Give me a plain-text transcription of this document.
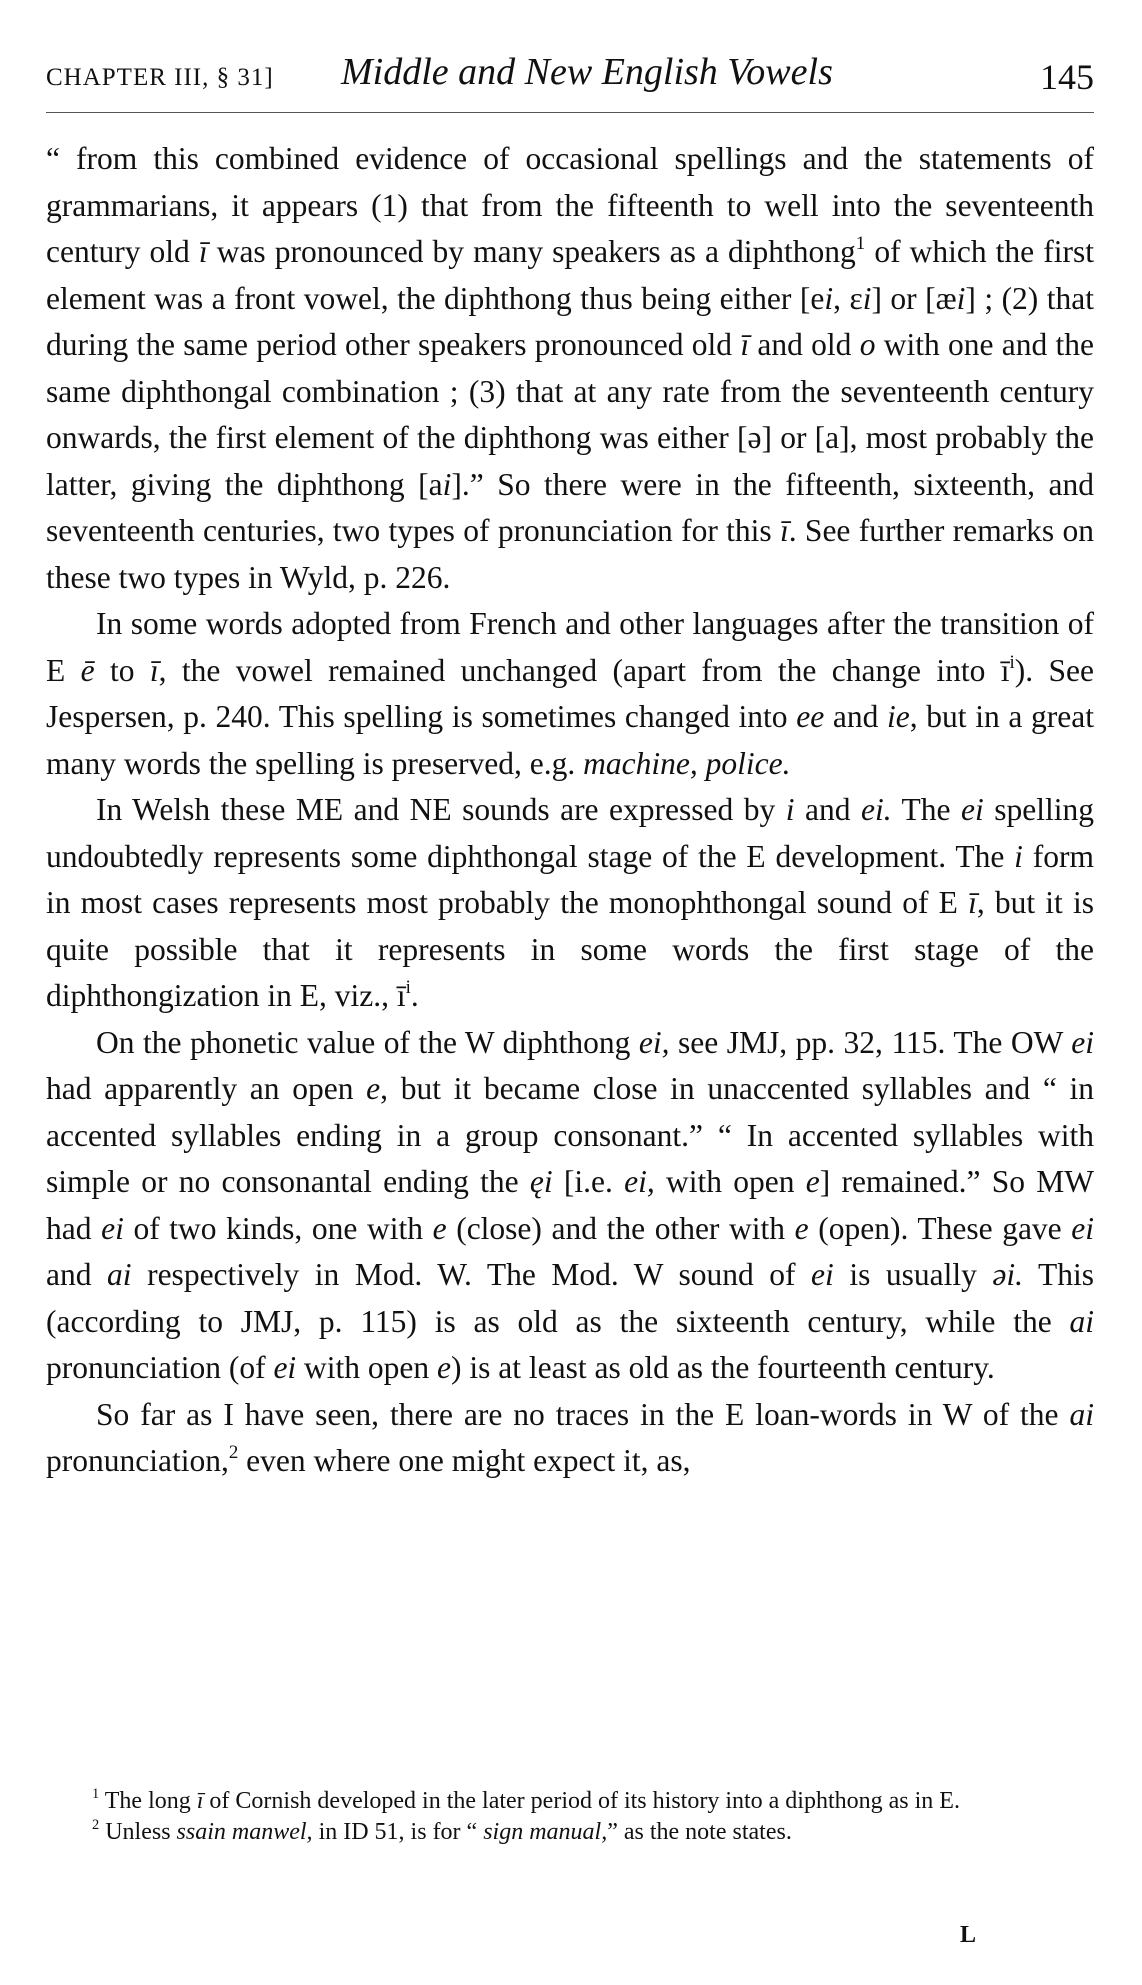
CHAPTER III, § 31] Middle and New English Vowels	145

“ from this combined evidence of occasional spellings and the statements of grammarians, it appears (1) that from the fifteenth to well into the seventeenth century old ī was pronounced by many speakers as a diphthong$^1$ of which the first element was a front vowel, the diphthong thus being either [ei, ɛi] or [æi] ; (2) that during the same period other speakers pronounced old ī and old o with one and the same diphthongal combination ; (3) that at any rate from the seventeenth century onwards, the first element of the diphthong was either [ə] or [a], most probably the latter, giving the diphthong [ai].” So there were in the fifteenth, sixteenth, and seventeenth centuries, two types of pronunciation for this ī. See further remarks on these two types in Wyld, p. 226.

In some words adopted from French and other languages after the transition of E ē to ī, the vowel remained unchanged (apart from the change into $ī^i$). See Jespersen, p. 240. This spelling is sometimes changed into ee and ie, but in a great many words the spelling is preserved, e.g. machine, police.

In Welsh these ME and NE sounds are expressed by i and ei. The ei spelling undoubtedly represents some diphthongal stage of the E development. The i form in most cases represents most probably the monophthongal sound of E ī, but it is quite possible that it represents in some words the first stage of the diphthongization in E, viz., $ī^i$.

On the phonetic value of the W diphthong ei, see JMJ, pp. 32, 115. The OW ei had apparently an open e, but it became close in unaccented syllables and “ in accented syllables ending in a group consonant.” “ In accented syllables with simple or no consonantal ending the ęi [i.e. ei, with open e] remained.” So MW had ei of two kinds, one with e (close) and the other with e (open). These gave ei and ai respectively in Mod. W. The Mod. W sound of ei is usually əi. This (according to JMJ, p. 115) is as old as the sixteenth century, while the ai pronunciation (of ei with open e) is at least as old as the fourteenth century.

So far as I have seen, there are no traces in the E loan-words in W of the ai pronunciation,$^2$ even where one might expect it, as,

$^1$ The long ī of Cornish developed in the later period of its history into a diphthong as in E.

$^2$ Unless ssain manwel, in ID 51, is for “ sign manual,” as the note states.

L
